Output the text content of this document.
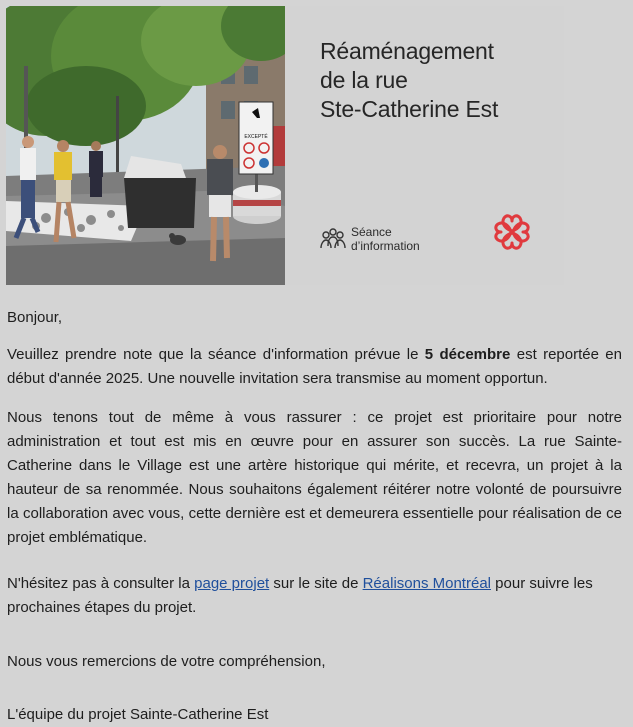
EXCEPTÉ
Réaménagement
de la rue
Ste-Catherine Est
Séance
d’information

Bonjour,

Veuillez prendre note que la séance d'information prévue le 5 décembre est reportée en début d'année 2025. Une nouvelle invitation sera transmise au moment opportun.

Nous tenons tout de même à vous rassurer : ce projet est prioritaire pour notre administration et tout est mis en œuvre pour en assurer son succès. La rue Sainte-Catherine dans le Village est une artère historique qui mérite, et recevra, un projet à la hauteur de sa renommée. Nous souhaitons également réitérer notre volonté de poursuivre la collaboration avec vous, cette dernière est et demeurera essentielle pour réalisation de ce projet emblématique.

N'hésitez pas à consulter la page projet sur le site de Réalisons Montréal pour suivre les prochaines étapes du projet.

Nous vous remercions de votre compréhension,

L'équipe du projet Sainte-Catherine Est
